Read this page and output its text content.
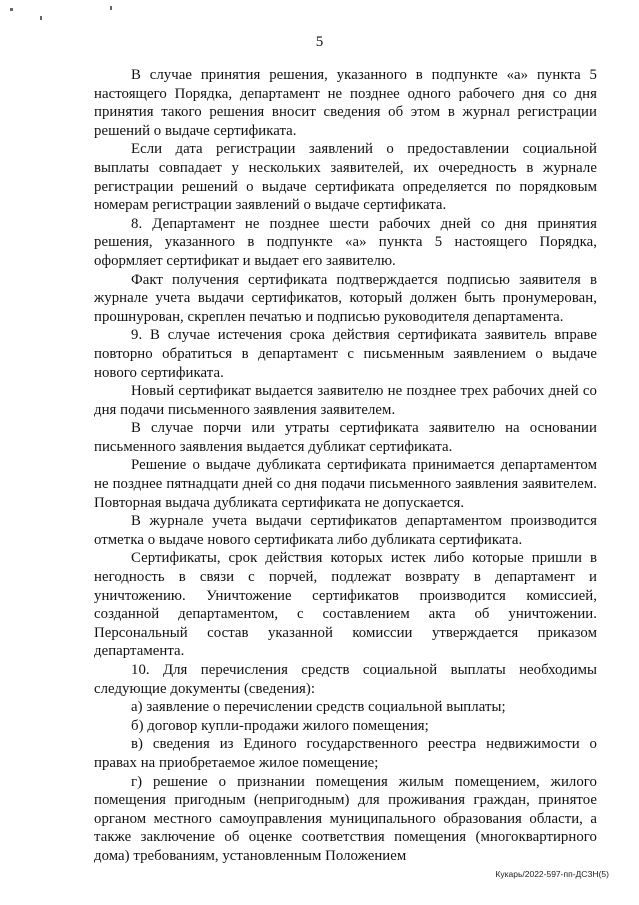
5

В случае принятия решения, указанного в подпункте «а» пункта 5 настоящего Порядка, департамент не позднее одного рабочего дня со дня принятия такого решения вносит сведения об этом в журнал регистрации решений о выдаче сертификата.

Если дата регистрации заявлений о предоставлении социальной выплаты совпадает у нескольких заявителей, их очередность в журнале регистрации решений о выдаче сертификата определяется по порядковым номерам регистрации заявлений о выдаче сертификата.

8. Департамент не позднее шести рабочих дней со дня принятия решения, указанного в подпункте «а» пункта 5 настоящего Порядка, оформляет сертификат и выдает его заявителю.

Факт получения сертификата подтверждается подписью заявителя в журнале учета выдачи сертификатов, который должен быть пронумерован, прошнурован, скреплен печатью и подписью руководителя департамента.

9. В случае истечения срока действия сертификата заявитель вправе повторно обратиться в департамент с письменным заявлением о выдаче нового сертификата.

Новый сертификат выдается заявителю не позднее трех рабочих дней со дня подачи письменного заявления заявителем.

В случае порчи или утраты сертификата заявителю на основании письменного заявления выдается дубликат сертификата.

Решение о выдаче дубликата сертификата принимается департаментом не позднее пятнадцати дней со дня подачи письменного заявления заявителем. Повторная выдача дубликата сертификата не допускается.

В журнале учета выдачи сертификатов департаментом производится отметка о выдаче нового сертификата либо дубликата сертификата.

Сертификаты, срок действия которых истек либо которые пришли в негодность в связи с порчей, подлежат возврату в департамент и уничтожению. Уничтожение сертификатов производится комиссией, созданной департаментом, с составлением акта об уничтожении. Персональный состав указанной комиссии утверждается приказом департамента.

10. Для перечисления средств социальной выплаты необходимы следующие документы (сведения):

а) заявление о перечислении средств социальной выплаты;

б) договор купли-продажи жилого помещения;

в) сведения из Единого государственного реестра недвижимости о правах на приобретаемое жилое помещение;

г) решение о признании помещения жилым помещением, жилого помещения пригодным (непригодным) для проживания граждан, принятое органом местного самоуправления муниципального образования области, а также заключение об оценке соответствия помещения (многоквартирного дома) требованиям, установленным Положением

Кукарь/2022-597-пп-ДСЗН(5)
